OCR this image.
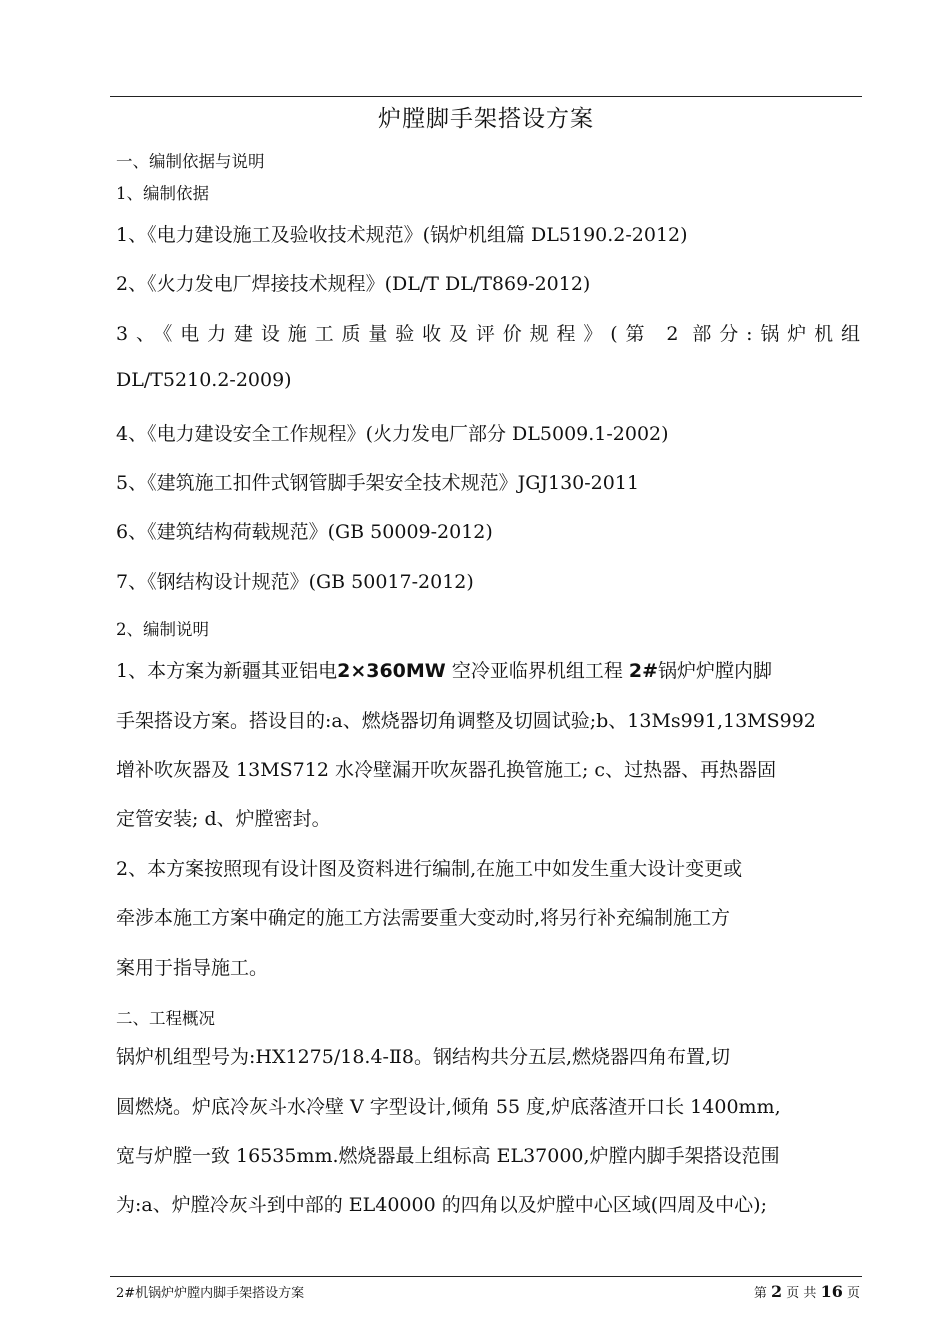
炉膛脚手架搭设方案
一、编制依据与说明
1、编制依据
1、《电力建设施工及验收技术规范》(锅炉机组篇 DL5190.2-2012)
2、《火力发电厂焊接技术规程》(DL/T DL/T869-2012)
3、《电力建设施工质量验收及评价规程》(第 2 部分:锅炉机组
DL/T5210.2-2009)
4、《电力建设安全工作规程》(火力发电厂部分 DL5009.1-2002)
5、《建筑施工扣件式钢管脚手架安全技术规范》JGJ130-2011
6、《建筑结构荷载规范》(GB 50009-2012)
7、《钢结构设计规范》(GB 50017-2012)
2、编制说明
1、本方案为新疆其亚铝电2×360MW 空冷亚临界机组工程 2#锅炉炉膛内脚
手架搭设方案。搭设目的:a、燃烧器切角调整及切圆试验;b、13Ms991,13MS992
增补吹灰器及 13MS712 水冷壁漏开吹灰器孔换管施工; c、过热器、再热器固
定管安装; d、炉膛密封。
2、本方案按照现有设计图及资料进行编制,在施工中如发生重大设计变更或
牵涉本施工方案中确定的施工方法需要重大变动时,将另行补充编制施工方
案用于指导施工。
二、工程概况
锅炉机组型号为:HX1275/18.4-Ⅱ8。钢结构共分五层,燃烧器四角布置,切
圆燃烧。炉底冷灰斗水冷壁 V 字型设计,倾角 55 度,炉底落渣开口长 1400mm,
宽与炉膛一致 16535mm.燃烧器最上组标高 EL37000,炉膛内脚手架搭设范围
为:a、炉膛冷灰斗到中部的 EL40000 的四角以及炉膛中心区域(四周及中心);
2#机锅炉炉膛内脚手架搭设方案	第 2 页 共 16 页
